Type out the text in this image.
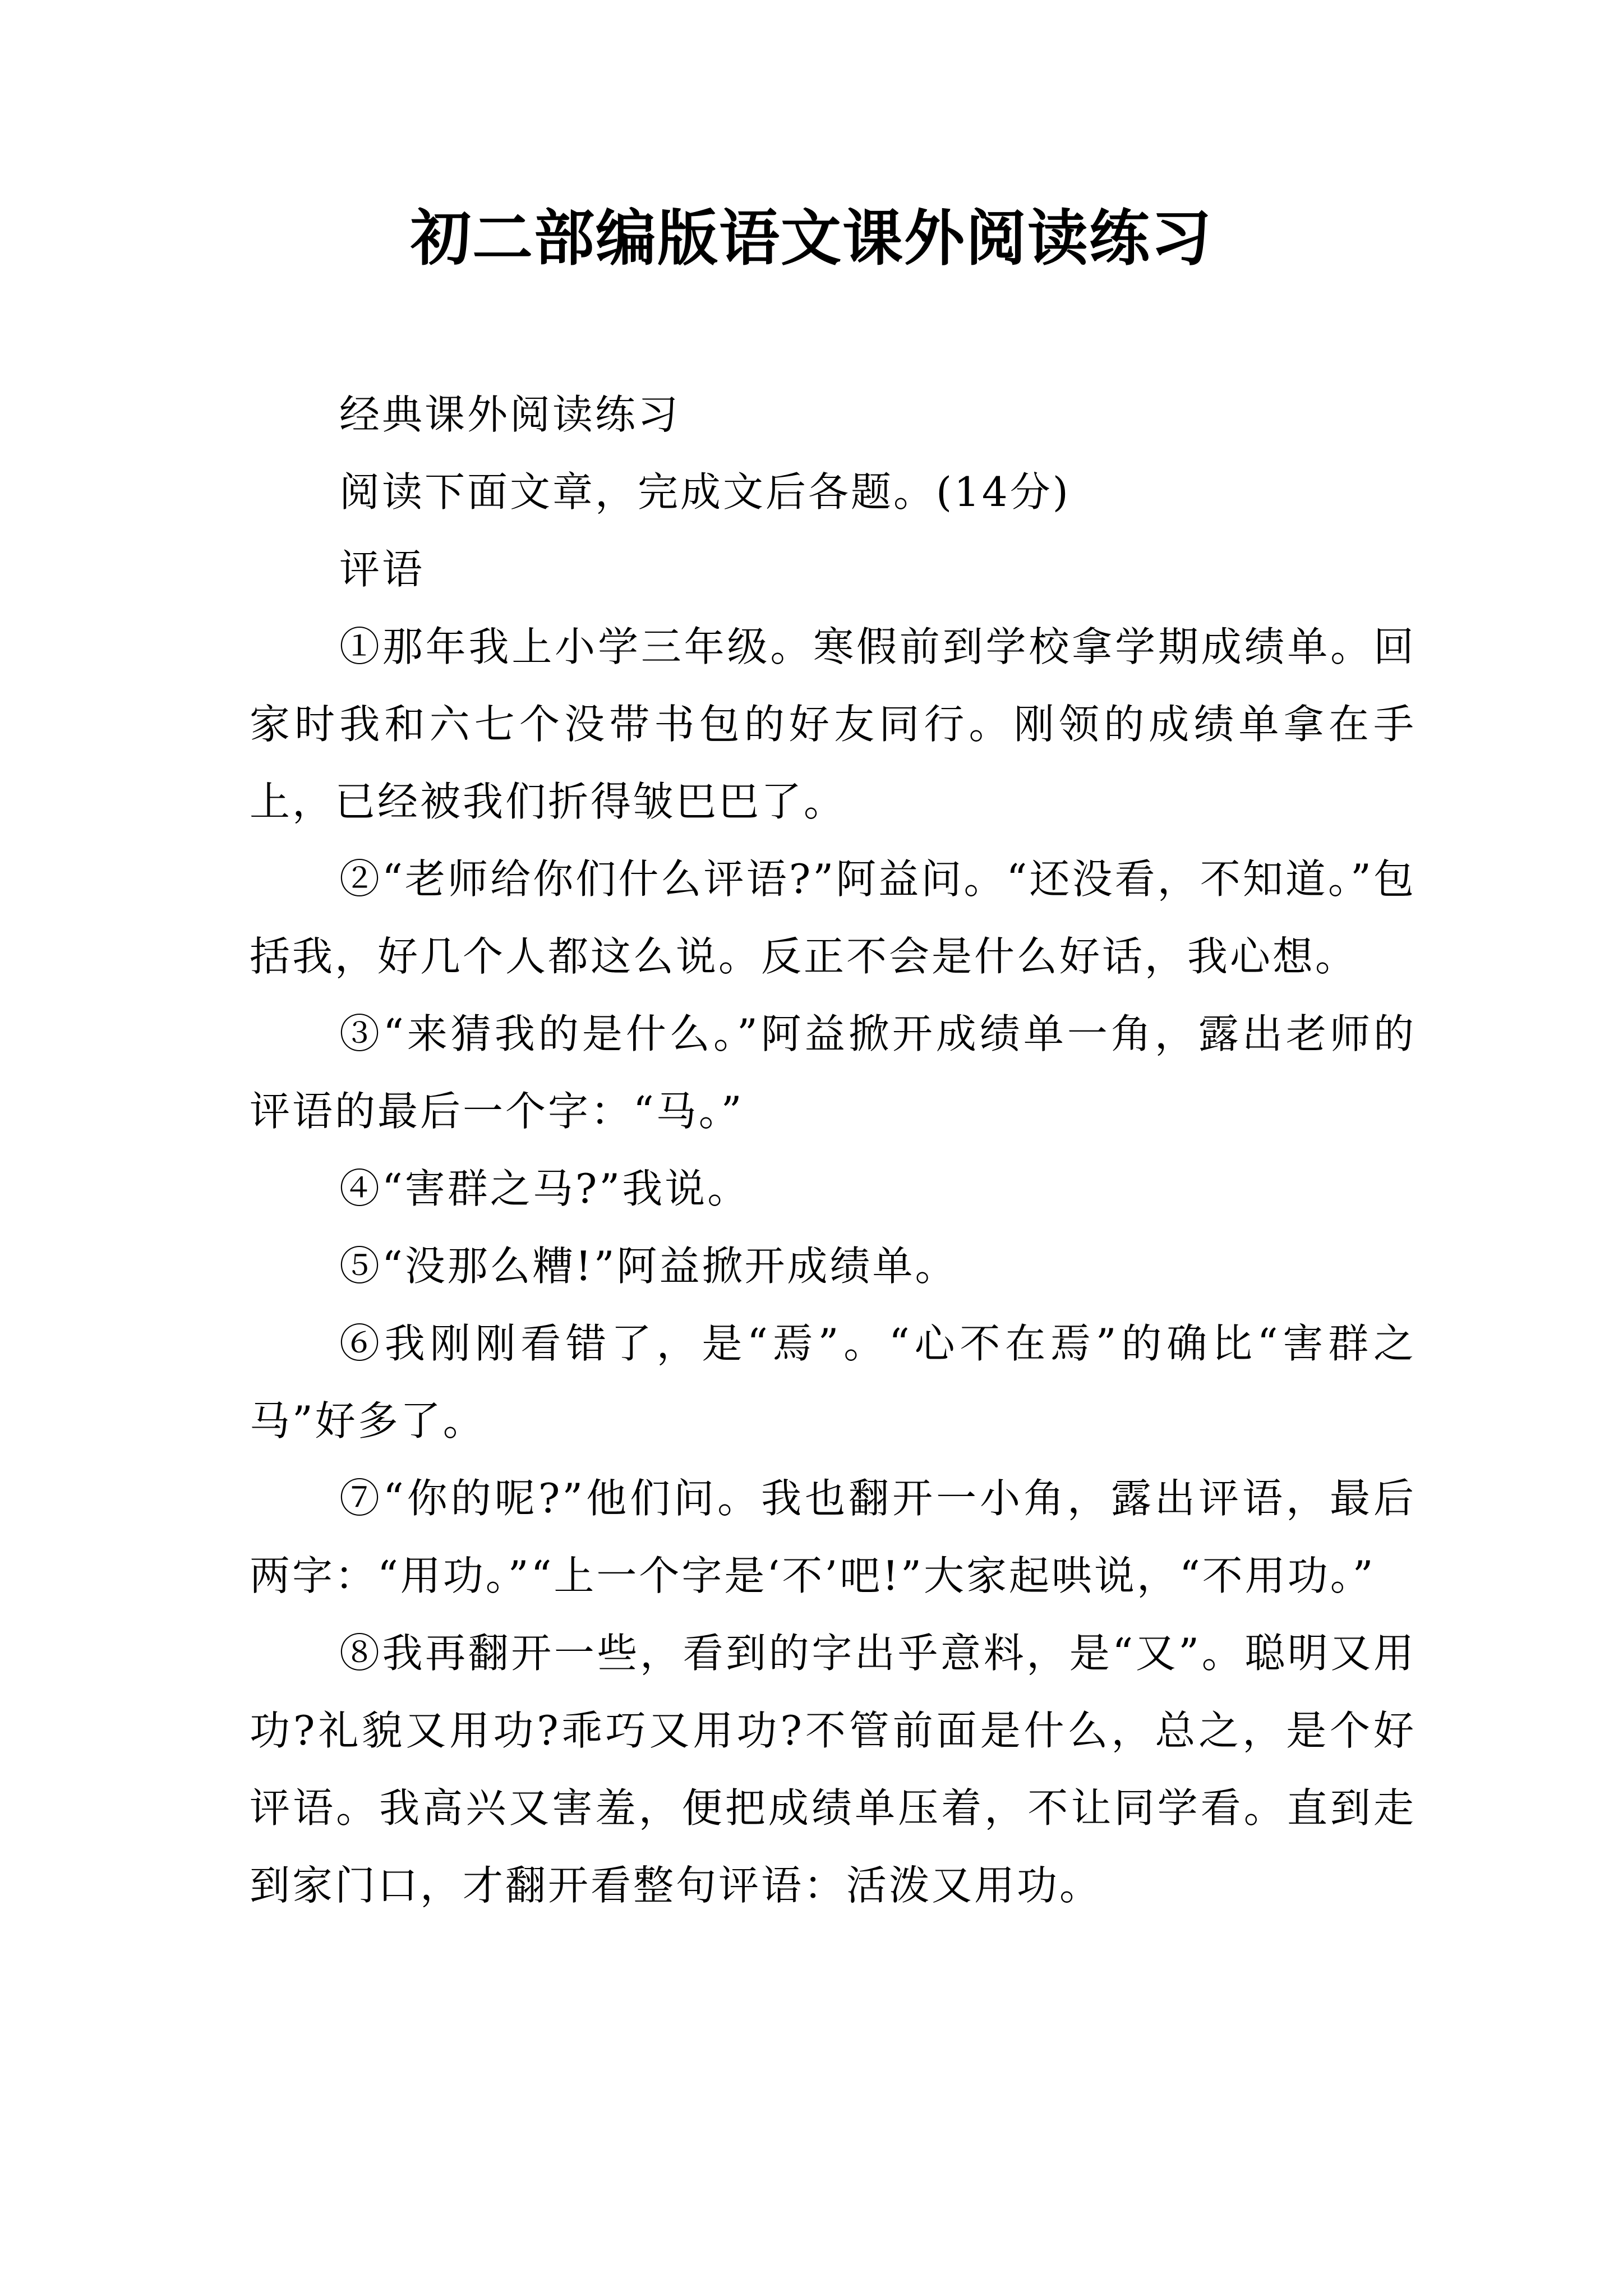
初二部编版语文课外阅读练习

经典课外阅读练习

阅读下面文章，完成文后各题。(14分)

评语

①那年我上小学三年级。寒假前到学校拿学期成绩单。回家时我和六七个没带书包的好友同行。刚领的成绩单拿在手上，已经被我们折得皱巴巴了。

②“老师给你们什么评语?”阿益问。“还没看，不知道。”包括我，好几个人都这么说。反正不会是什么好话，我心想。

③“来猜我的是什么。”阿益掀开成绩单一角，露出老师的评语的最后一个字：“马。”

④“害群之马?”我说。

⑤“没那么糟!”阿益掀开成绩单。

⑥我刚刚看错了，是“焉”。“心不在焉”的确比“害群之马”好多了。

⑦“你的呢?”他们问。我也翻开一小角，露出评语，最后两字：“用功。”“上一个字是‘不’吧!”大家起哄说，“不用功。”

⑧我再翻开一些，看到的字出乎意料，是“又”。聪明又用功?礼貌又用功?乖巧又用功?不管前面是什么，总之，是个好评语。我高兴又害羞，便把成绩单压着，不让同学看。直到走到家门口，才翻开看整句评语：活泼又用功。
